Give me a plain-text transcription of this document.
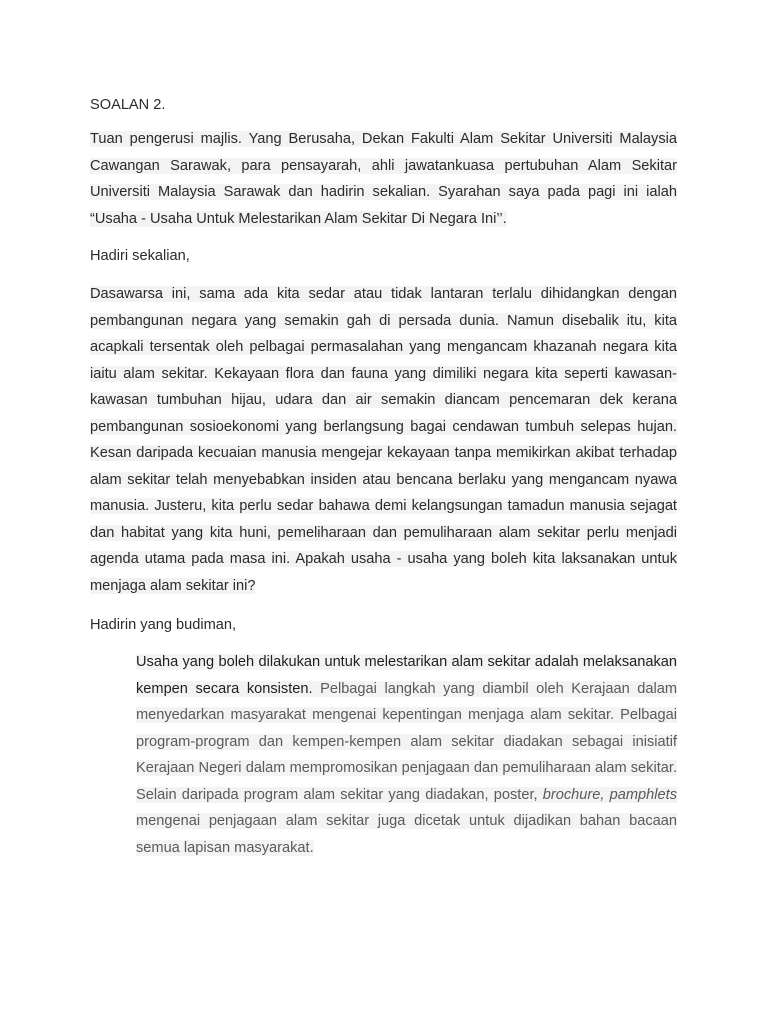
SOALAN 2.

Tuan pengerusi majlis. Yang Berusaha, Dekan Fakulti Alam Sekitar Universiti Malaysia Cawangan Sarawak, para pensayarah, ahli jawatankuasa pertubuhan Alam Sekitar Universiti Malaysia Sarawak dan hadirin sekalian. Syarahan saya pada pagi ini ialah “Usaha - Usaha Untuk Melestarikan Alam Sekitar Di Negara Ini’’.

Hadiri sekalian,

Dasawarsa ini, sama ada kita sedar atau tidak lantaran terlalu dihidangkan dengan pembangunan negara yang semakin gah di persada dunia. Namun disebalik itu, kita acapkali tersentak oleh pelbagai permasalahan yang mengancam khazanah negara kita iaitu alam sekitar. Kekayaan flora dan fauna yang dimiliki negara kita seperti kawasan-kawasan tumbuhan hijau, udara dan air semakin diancam pencemaran dek kerana pembangunan sosioekonomi yang berlangsung bagai cendawan tumbuh selepas hujan. Kesan daripada kecuaian manusia mengejar kekayaan tanpa memikirkan akibat terhadap alam sekitar telah menyebabkan insiden atau bencana berlaku yang mengancam nyawa manusia. Justeru, kita perlu sedar bahawa demi kelangsungan tamadun manusia sejagat dan habitat yang kita huni, pemeliharaan dan pemuliharaan alam sekitar perlu menjadi agenda utama pada masa ini. Apakah usaha - usaha yang boleh kita laksanakan untuk menjaga alam sekitar ini?

Hadirin yang budiman,

Usaha yang boleh dilakukan untuk melestarikan alam sekitar adalah melaksanakan kempen secara konsisten. Pelbagai langkah yang diambil oleh Kerajaan dalam menyedarkan masyarakat mengenai kepentingan menjaga alam sekitar. Pelbagai program-program dan kempen-kempen alam sekitar diadakan sebagai inisiatif Kerajaan Negeri dalam mempromosikan penjagaan dan pemuliharaan alam sekitar. Selain daripada program alam sekitar yang diadakan, poster, brochure, pamphlets mengenai penjagaan alam sekitar juga dicetak untuk dijadikan bahan bacaan semua lapisan masyarakat.
